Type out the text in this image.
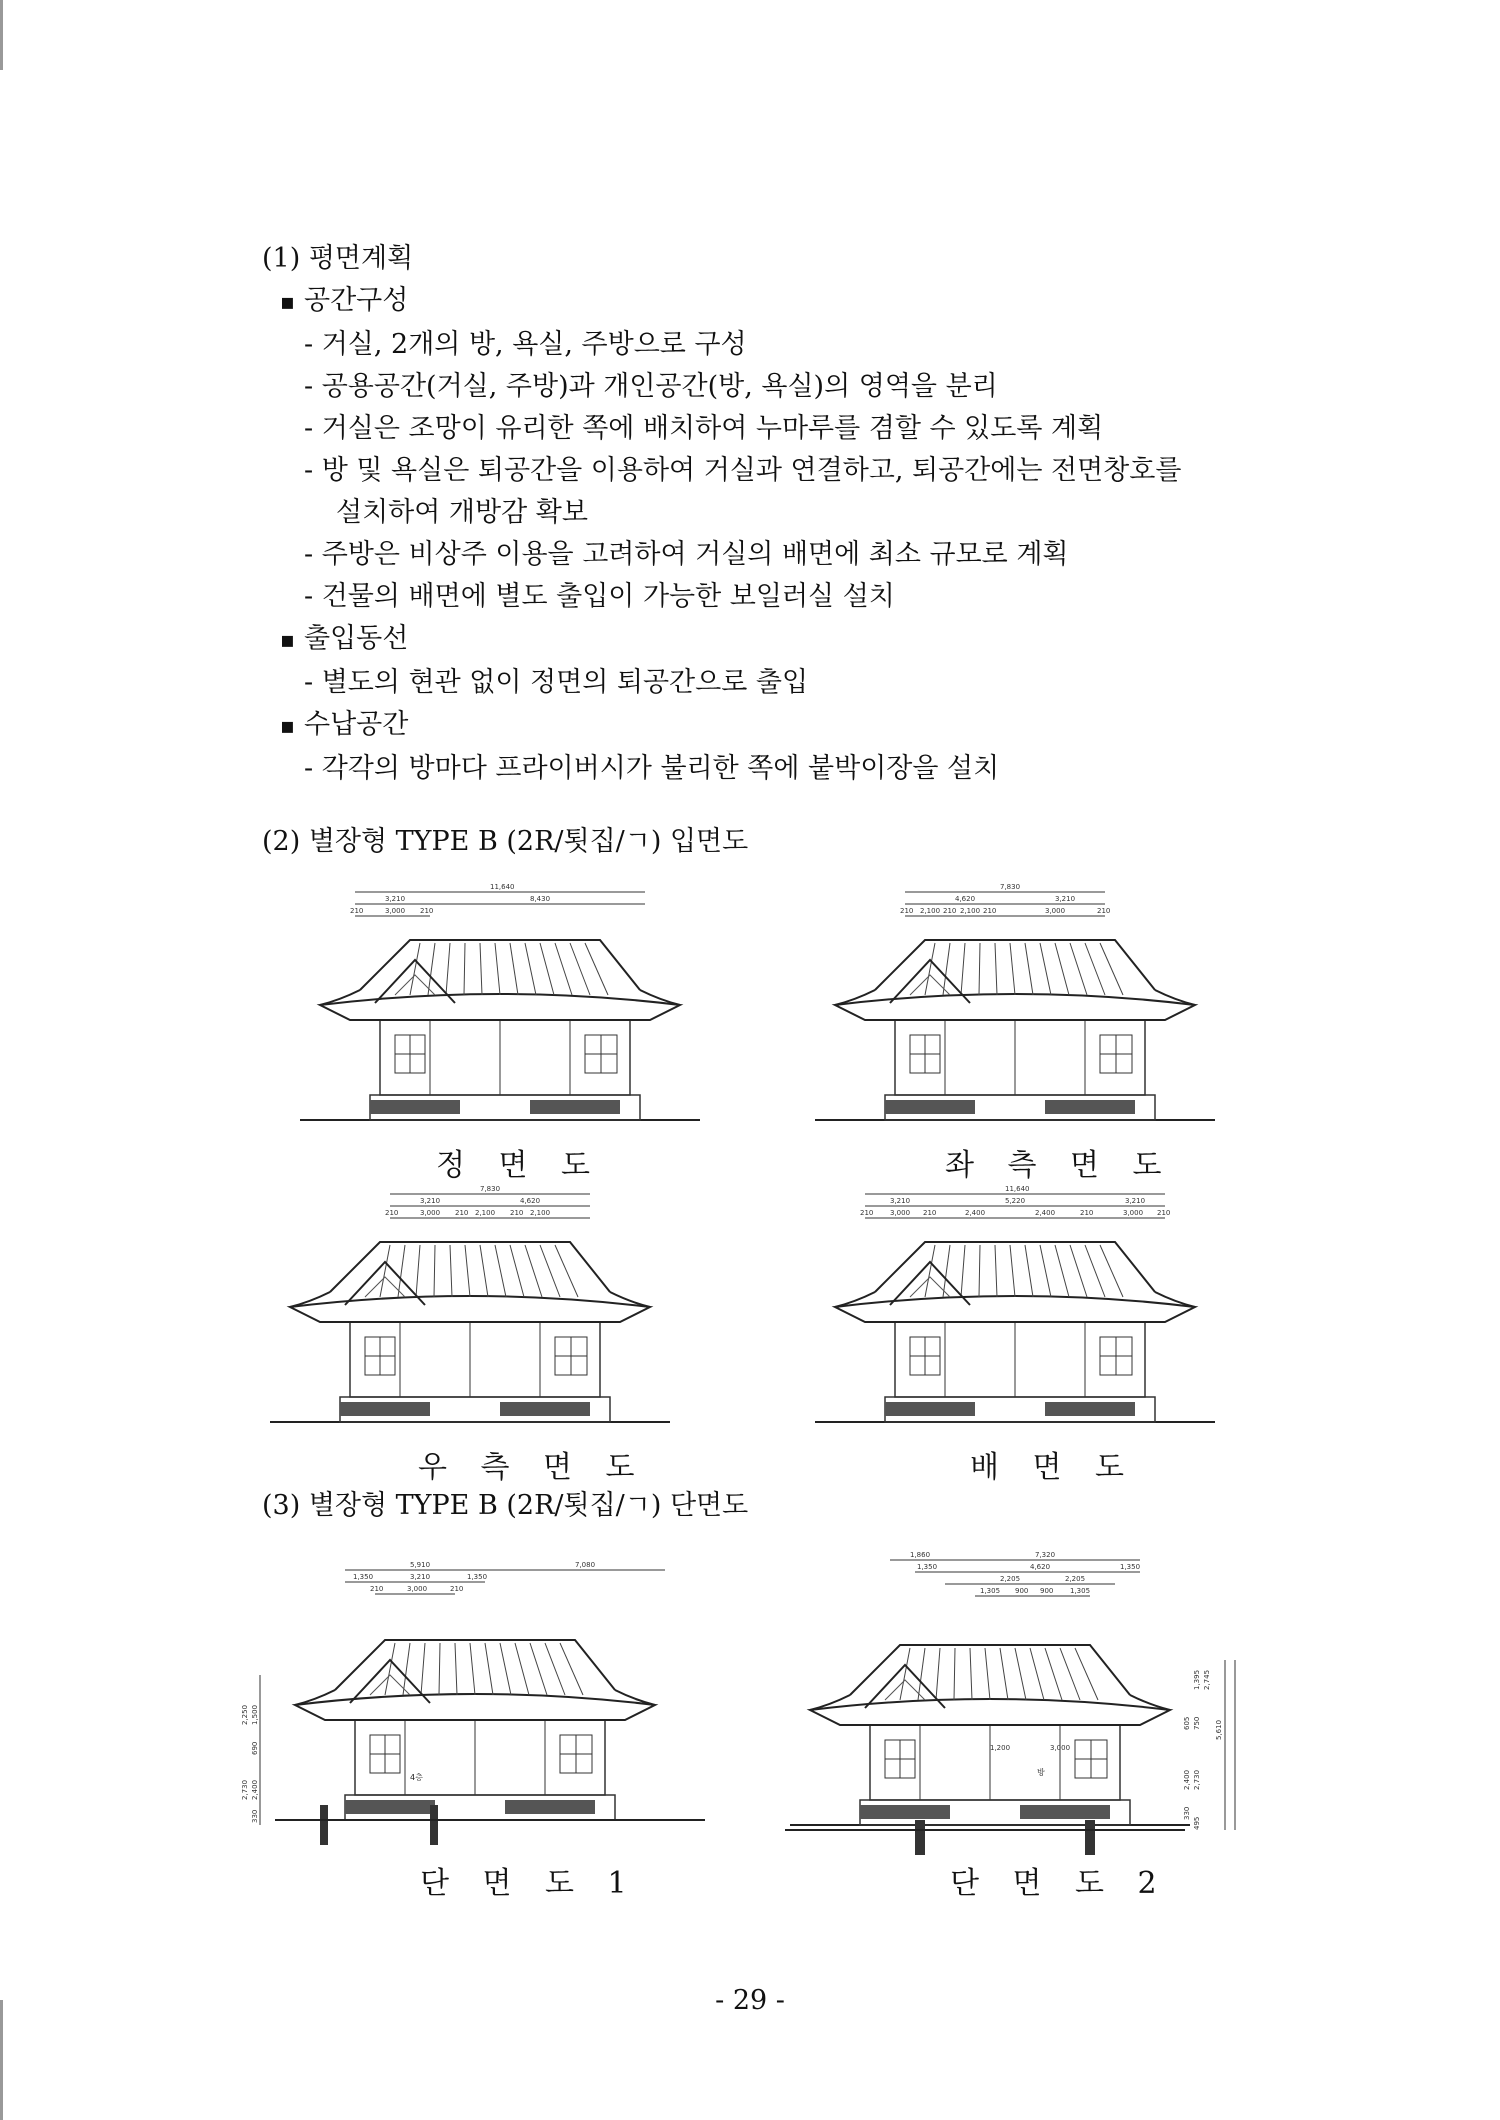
(1) 평면계획
▪ 공간구성
- 거실, 2개의 방, 욕실, 주방으로 구성
- 공용공간(거실, 주방)과 개인공간(방, 욕실)의 영역을 분리
- 거실은 조망이 유리한 쪽에 배치하여 누마루를 겸할 수 있도록 계획
- 방 및 욕실은 퇴공간을 이용하여 거실과 연결하고, 퇴공간에는 전면창호를
설치하여 개방감 확보
- 주방은 비상주 이용을 고려하여 거실의 배면에 최소 규모로 계획
- 건물의 배면에 별도 출입이 가능한 보일러실 설치
▪ 출입동선
- 별도의 현관 없이 정면의 퇴공간으로 출입
▪ 수납공간
- 각각의 방마다 프라이버시가 불리한 쪽에 붙박이장을 설치
(2) 별장형 TYPE B (2R/툇집/ㄱ) 입면도
11,640
3,210	8,430
210	3,000 210
정 면 도
7,830
4,620	3,210
210 2,100 210 2,100 210	3,000	210
좌 측 면 도
7,830
3,210	4,620
210	3,000 210 2,100 210 2,100
우 측 면 도
11,640
3,210	5,220	3,210
210 3,000 210	2,400	2,400	210	3,000 210
배 면 도
(3) 별장형 TYPE B (2R/툇집/ㄱ) 단면도
5,910	7,080
1,350	3,210	1,350
210	3,000	210
2,250 1,500
690
2,730 2,400
330
4층
단 면 도 1
1,860	7,320
1,350	4,620	1,350
2,205	2,205
1,305 900 900 1,305
1,395 2,745
750
605	5,610
2,400 2,730
330
495
1,200	3,000
방
단 면 도 2
- 29 -
